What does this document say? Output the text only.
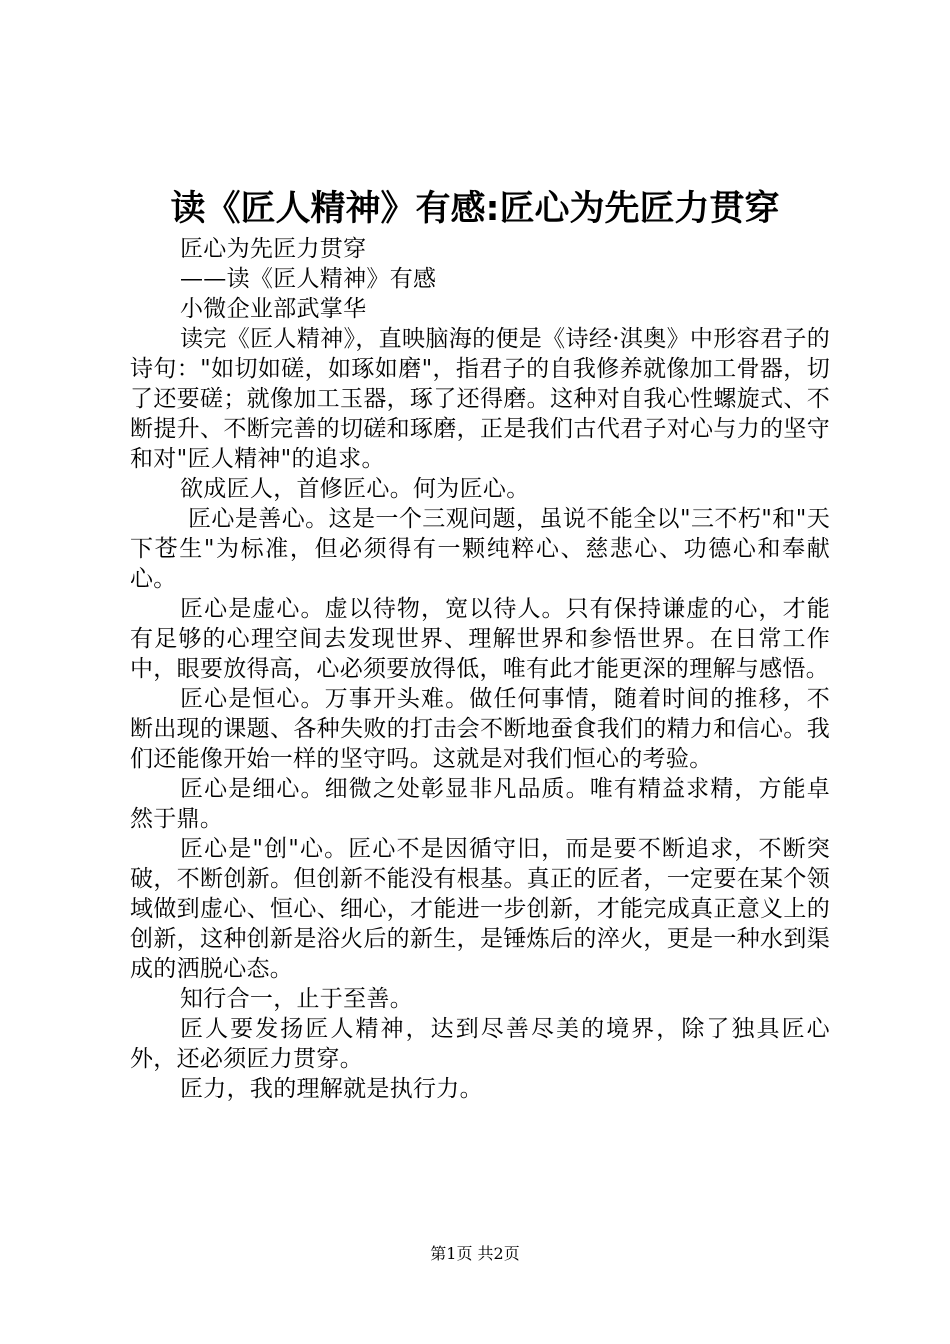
读《匠人精神》有感:匠心为先匠力贯穿

匠心为先匠力贯穿

——读《匠人精神》有感

小微企业部武掌华

读完《匠人精神》，直映脑海的便是《诗经·淇奥》中形容君子的诗句："如切如磋，如琢如磨"，指君子的自我修养就像加工骨器，切了还要磋；就像加工玉器，琢了还得磨。这种对自我心性螺旋式、不断提升、不断完善的切磋和琢磨，正是我们古代君子对心与力的坚守和对"匠人精神"的追求。

欲成匠人，首修匠心。何为匠心。

匠心是善心。这是一个三观问题，虽说不能全以"三不朽"和"天下苍生"为标准，但必须得有一颗纯粹心、慈悲心、功德心和奉献心。

匠心是虚心。虚以待物，宽以待人。只有保持谦虚的心，才能有足够的心理空间去发现世界、理解世界和参悟世界。在日常工作中，眼要放得高，心必须要放得低，唯有此才能更深的理解与感悟。

匠心是恒心。万事开头难。做任何事情，随着时间的推移，不断出现的课题、各种失败的打击会不断地蚕食我们的精力和信心。我们还能像开始一样的坚守吗。这就是对我们恒心的考验。

匠心是细心。细微之处彰显非凡品质。唯有精益求精，方能卓然于鼎。

匠心是"创"心。匠心不是因循守旧，而是要不断追求，不断突破，不断创新。但创新不能没有根基。真正的匠者，一定要在某个领域做到虚心、恒心、细心，才能进一步创新，才能完成真正意义上的创新，这种创新是浴火后的新生，是锤炼后的淬火，更是一种水到渠成的洒脱心态。

知行合一，止于至善。

匠人要发扬匠人精神，达到尽善尽美的境界，除了独具匠心外，还必须匠力贯穿。

匠力，我的理解就是执行力。

第1页 共2页
